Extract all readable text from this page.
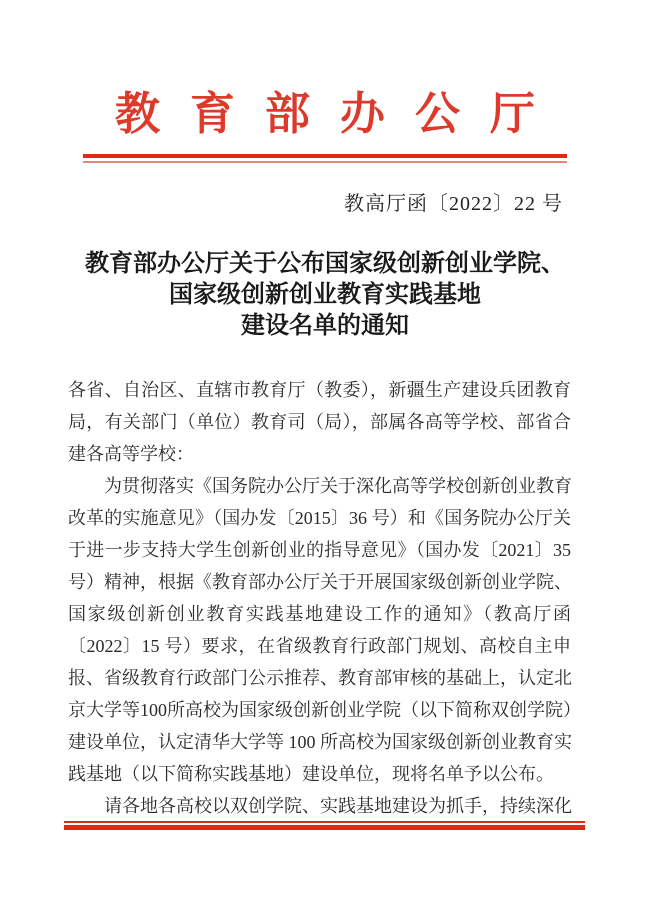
教育部办公厅
教高厅函〔2022〕22 号
教育部办公厅关于公布国家级创新创业学院、
国家级创新创业教育实践基地
建设名单的通知
各省、自治区、直辖市教育厅（教委），新疆生产建设兵团教育
局，有关部门（单位）教育司（局），部属各高等学校、部省合
建各高等学校：
为贯彻落实《国务院办公厅关于深化高等学校创新创业教育
改革的实施意见》（国办发〔2015〕36 号）和《国务院办公厅关
于进一步支持大学生创新创业的指导意见》（国办发〔2021〕35
号）精神，根据《教育部办公厅关于开展国家级创新创业学院、
国家级创新创业教育实践基地建设工作的通知》（教高厅函
〔2022〕15 号）要求，在省级教育行政部门规划、高校自主申
报、省级教育行政部门公示推荐、教育部审核的基础上，认定北
京大学等100所高校为国家级创新创业学院（以下简称双创学院）
建设单位，认定清华大学等 100 所高校为国家级创新创业教育实
践基地（以下简称实践基地）建设单位，现将名单予以公布。
请各地各高校以双创学院、实践基地建设为抓手，持续深化
